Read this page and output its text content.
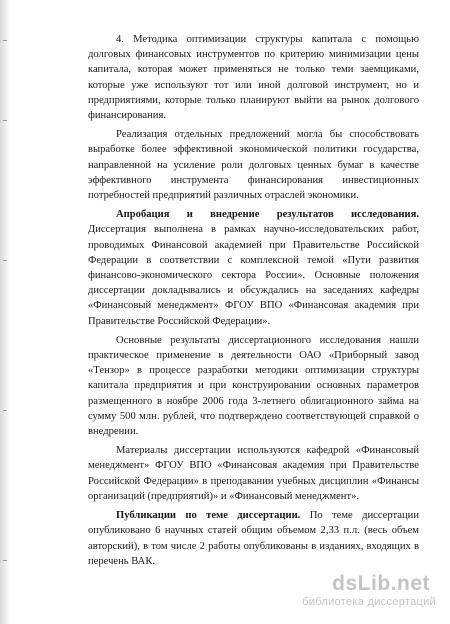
4. Методика оптимизации структуры капитала с помощью долговых финансовых инструментов по критерию минимизации цены капитала, которая может применяться не только теми заемщиками, которые уже используют тот или иной долговой инструмент, но и предприятиями, которые только планируют выйти на рынок долгового финансирования.

Реализация отдельных предложений могла бы способствовать выработке более эффективной экономической политики государства, направленной на усиление роли долговых ценных бумаг в качестве эффективного инструмента финансирования инвестиционных потребностей предприятий различных отраслей экономики.

Апробация и внедрение результатов исследования. Диссертация выполнена в рамках научно-исследовательских работ, проводимых Финансовой академией при Правительстве Российской Федерации в соответствии с комплексной темой «Пути развития финансово-экономического сектора России». Основные положения диссертации докладывались и обсуждались на заседаниях кафедры «Финансовый менеджмент» ФГОУ ВПО «Финансовая академия при Правительстве Российской Федерации».

Основные результаты диссертационного исследования нашли практическое применение в деятельности ОАО «Приборный завод «Тензор» в процессе разработки методики оптимизации структуры капитала предприятия и при конструировании основных параметров размещенного в ноябре 2006 года 3-летнего облигационного займа на сумму 500 млн. рублей, что подтверждено соответствующей справкой о внедрении.

Материалы диссертации используются кафедрой «Финансовый менеджмент» ФГОУ ВПО «Финансовая академия при Правительстве Российской Федерации» в преподавании учебных дисциплин «Финансы организаций (предприятий)» и «Финансовый менеджмент».

Публикации по теме диссертации. По теме диссертации опубликовано 6 научных статей общим объемом 2,33 п.л. (весь объем авторский), в том числе 2 работы опубликованы в изданиях, входящих в перечень ВАК.

dsLib.net
библиотека диссертаций
